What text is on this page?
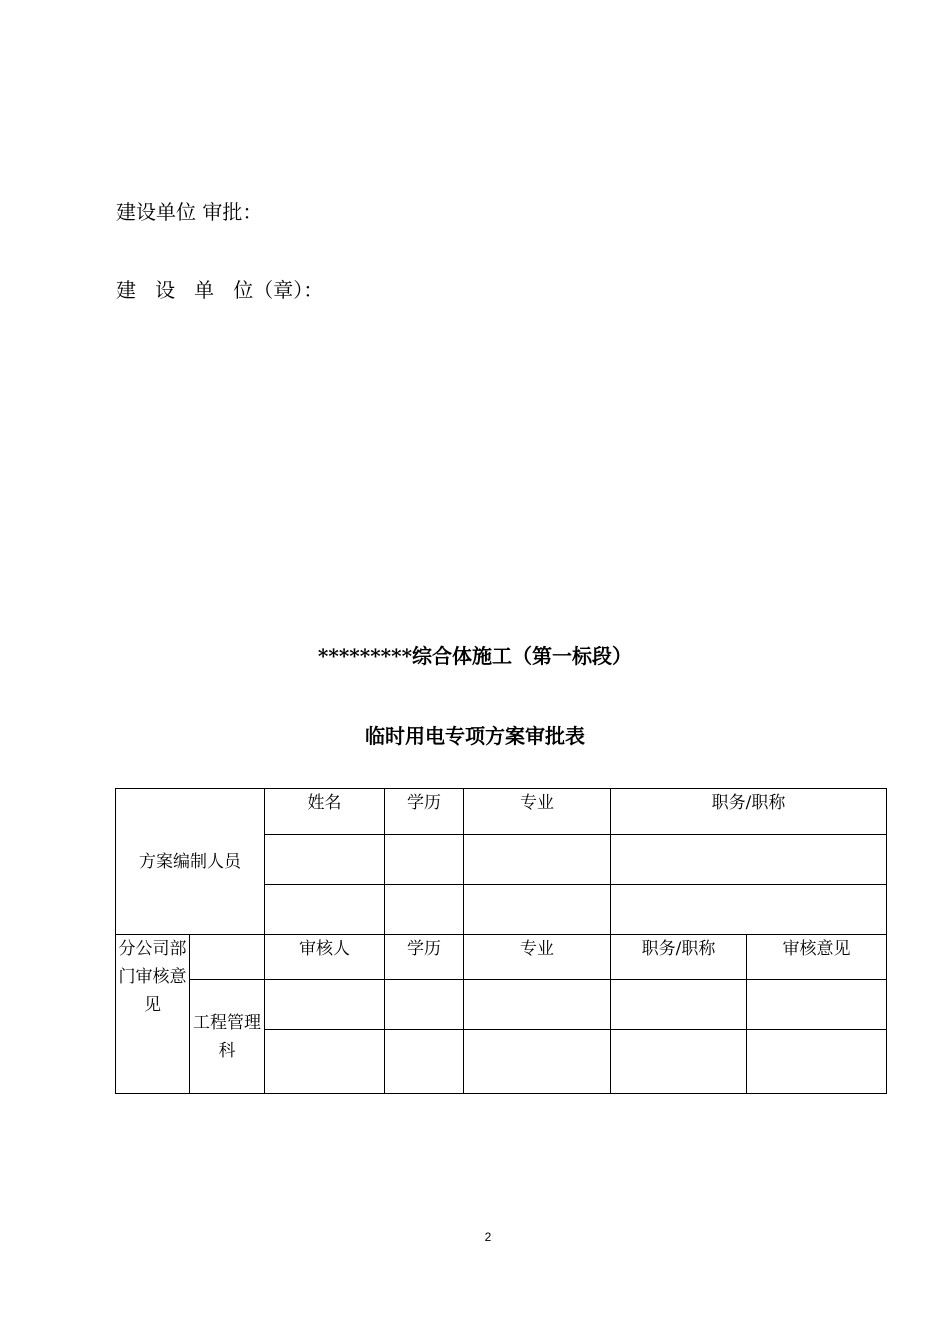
建设单位 审批：
建   设   单   位（章）：
*********综合体施工（第一标段）
临时用电专项方案审批表
方案编制人员		姓名	学历	专业	职务/职称	

分公司部门审核意见		审核人	学历	专业	职务/职称	审核意见

	工程管理科					

2
